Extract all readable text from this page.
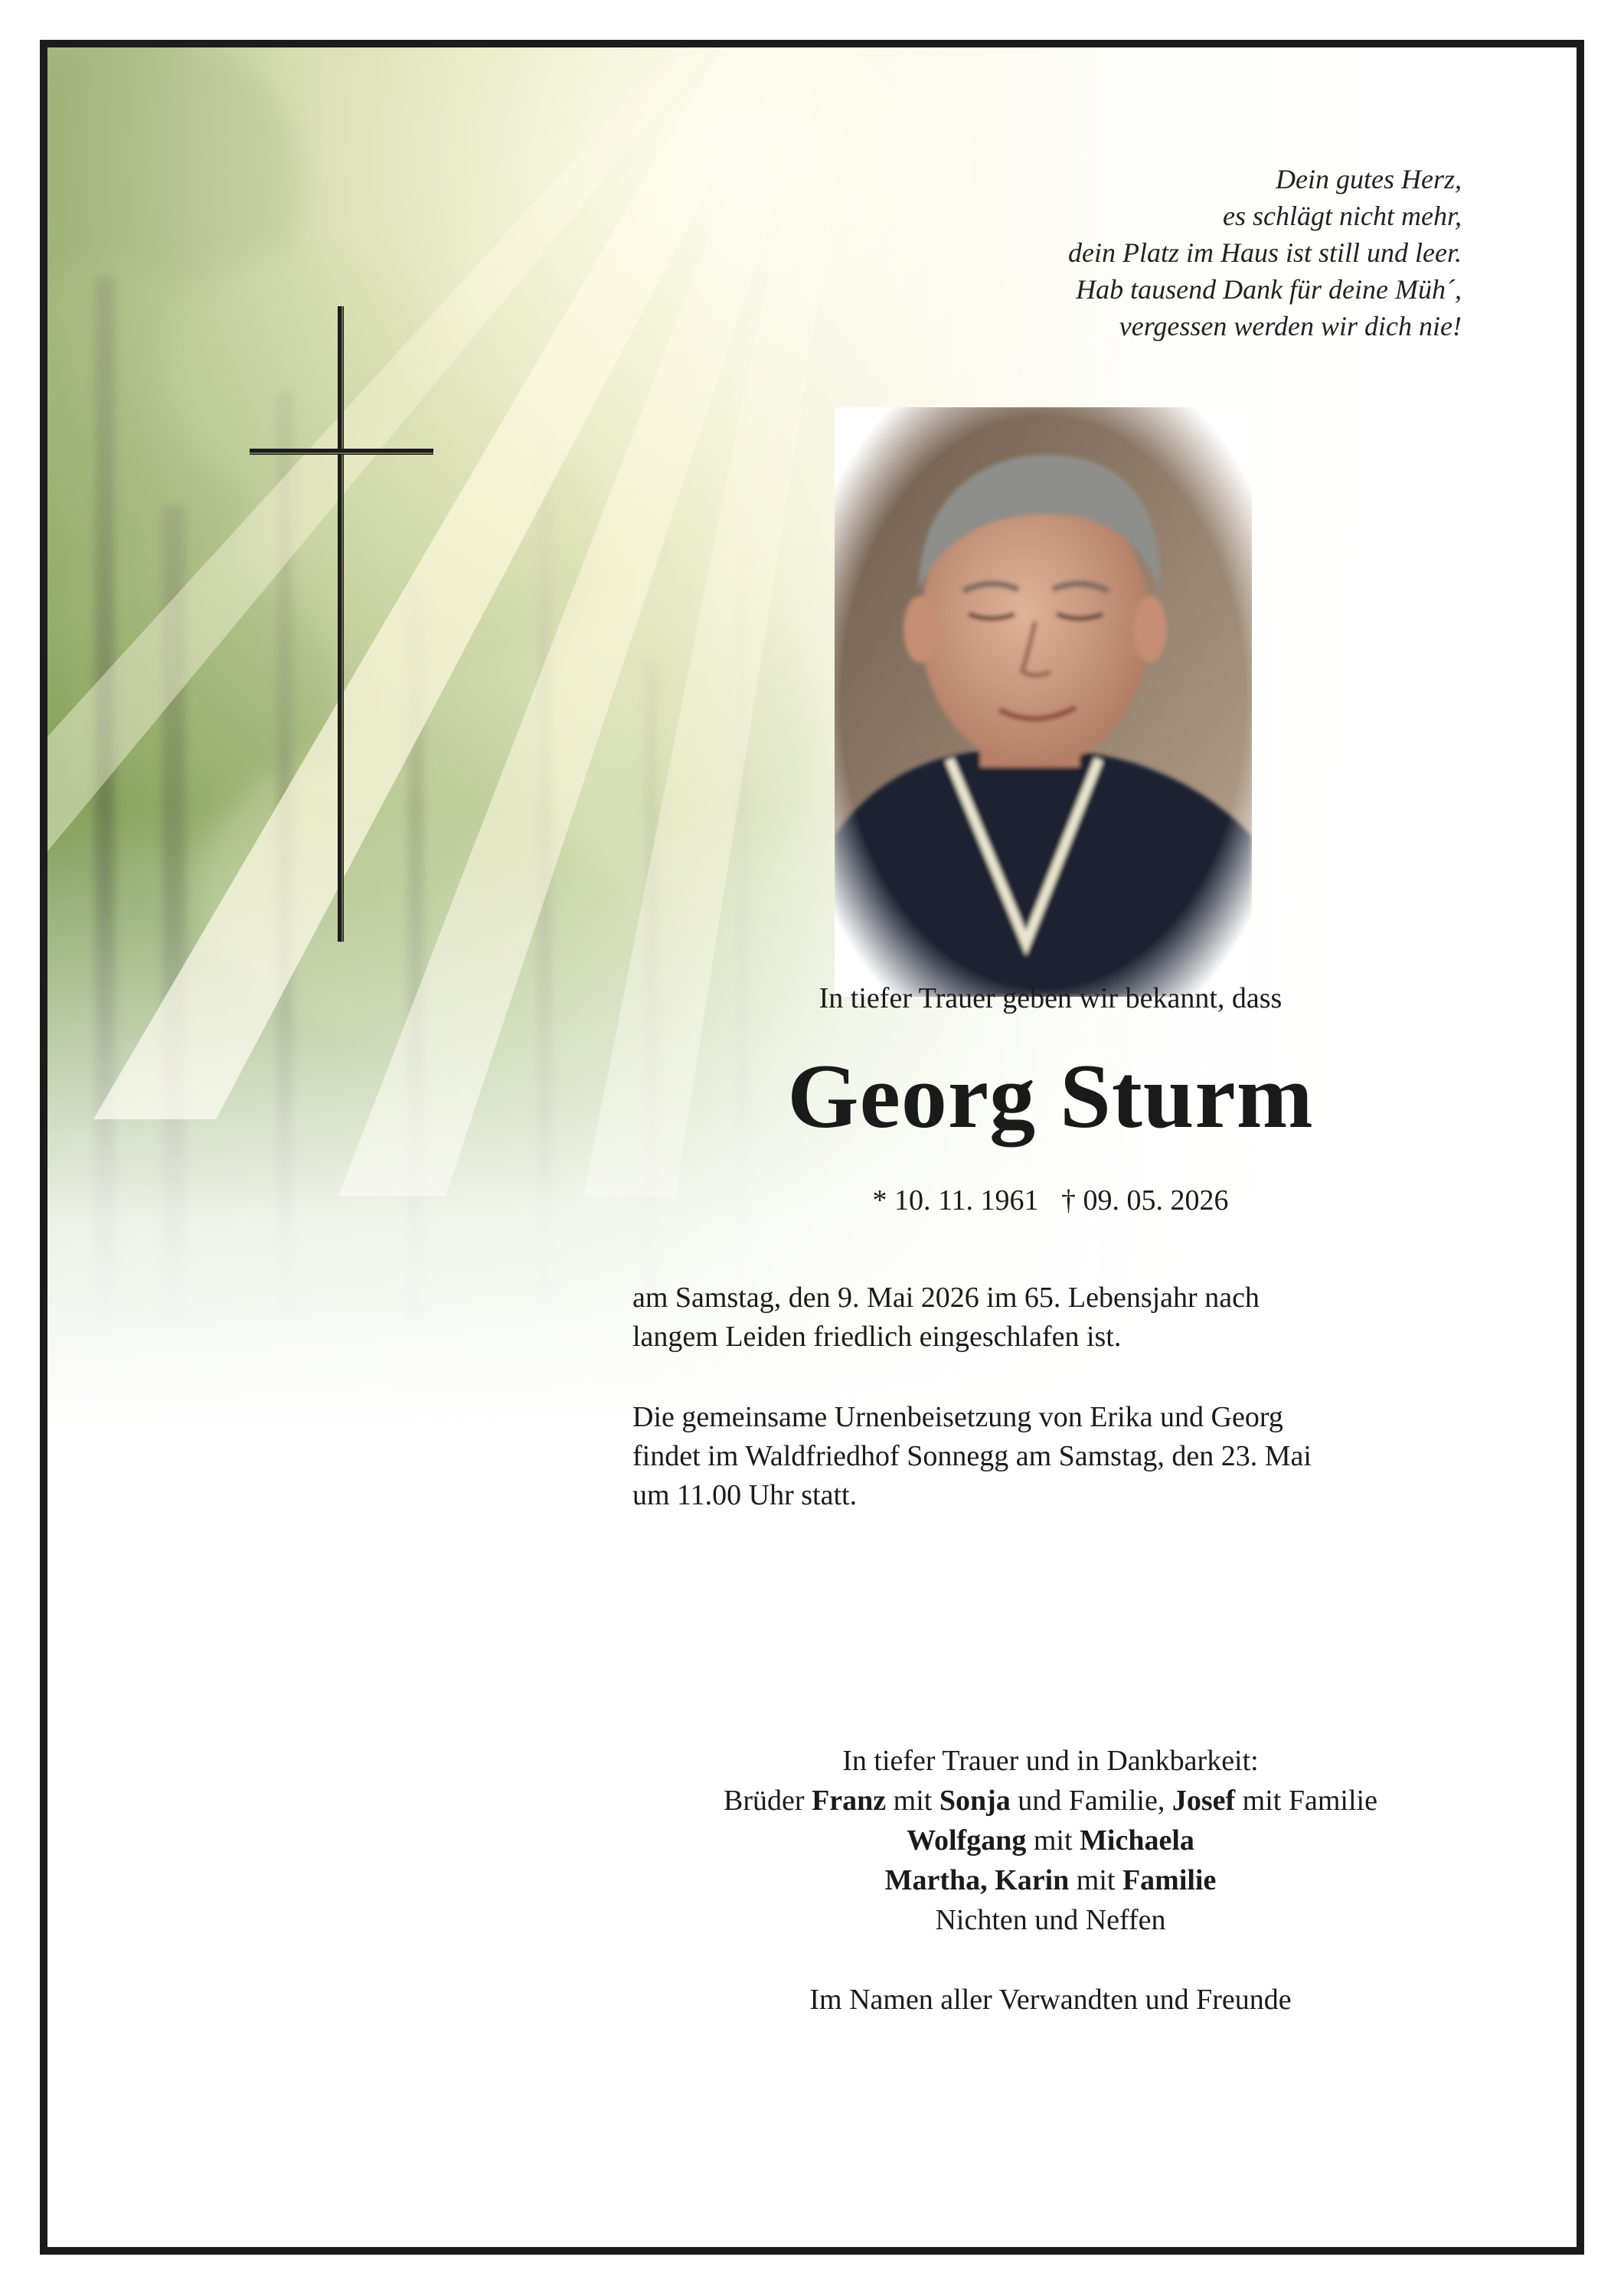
Dein gutes Herz,
es schlägt nicht mehr,
dein Platz im Haus ist still und leer.
Hab tausend Dank für deine Müh´,
vergessen werden wir dich nie!
In tiefer Trauer geben wir bekannt, dass
Georg Sturm
* 10. 11. 1961 † 09. 05. 2026
am Samstag, den 9. Mai 2026 im 65. Lebensjahr nach
langem Leiden friedlich eingeschlafen ist.
Die gemeinsame Urnenbeisetzung von Erika und Georg
findet im Waldfriedhof Sonnegg am Samstag, den 23. Mai
um 11.00 Uhr statt.
In tiefer Trauer und in Dankbarkeit:
Brüder Franz mit Sonja und Familie, Josef mit Familie
Wolfgang mit Michaela
Martha, Karin mit Familie
Nichten und Neffen
Im Namen aller Verwandten und Freunde
